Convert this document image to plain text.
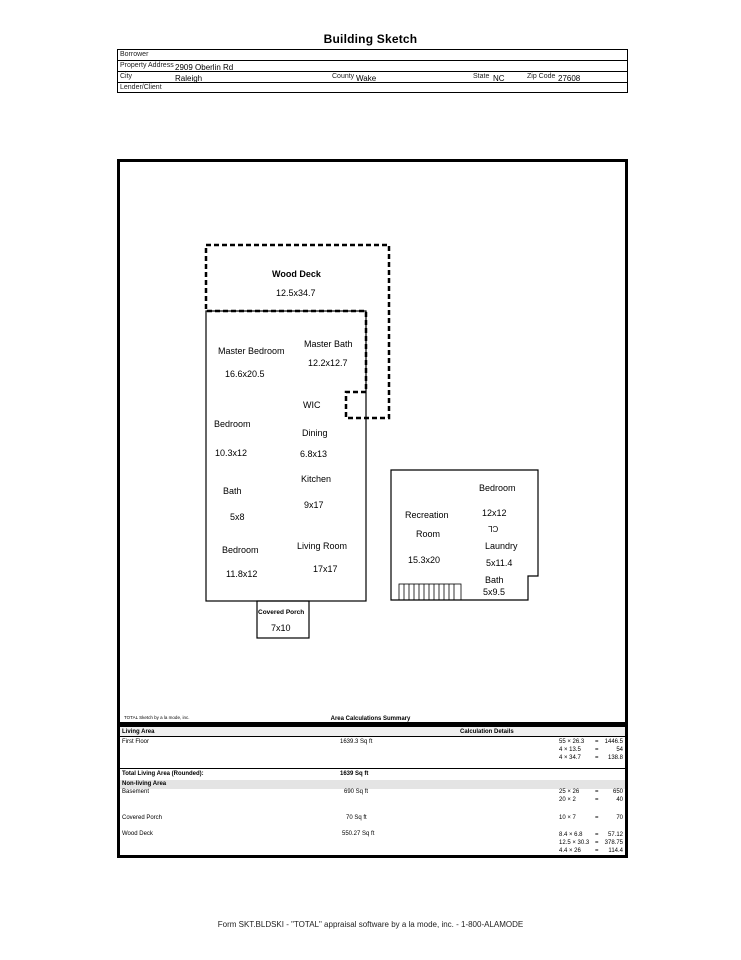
Building Sketch
Borrower
Property Address 2909 Oberlin Rd
City	Raleigh	County Wake	State NC	Zip Code 27608
Lender/Client
Wood Deck
12.5x34.7
Master Bedroom
16.6x20.5
Master Bath
12.2x12.7
WIC
Bedroom
10.3x12
Dining
6.8x13
Kitchen
9x17
Bath
5x8
Bedroom
11.8x12
Living Room
17x17
Covered Porch
7x10
Recreation
Room
15.3x20
Bedroom
12x12
CL
Laundry
5x11.4
Bath
5x9.5
TOTAL Sketch by a la mode, inc.	Area Calculations Summary
Living Area	Calculation Details
First Floor	1639.3 Sq ft	55 × 26.3 = 1446.5
4 × 13.5 =	54
4 × 34.7 = 138.8
Total Living Area (Rounded):	1639 Sq ft
Non-living Area
Basement	690 Sq ft	25 × 26	= 650
20 × 2	=	40
Covered Porch	70 Sq ft	10 × 7	=	70
Wood Deck	550.27 Sq ft	8.4 × 6.8 = 57.12
12.5 × 30.3 = 378.75
4.4 × 26 = 114.4
Form SKT.BLDSKI - "TOTAL" appraisal software by a la mode, inc. - 1-800-ALAMODE
